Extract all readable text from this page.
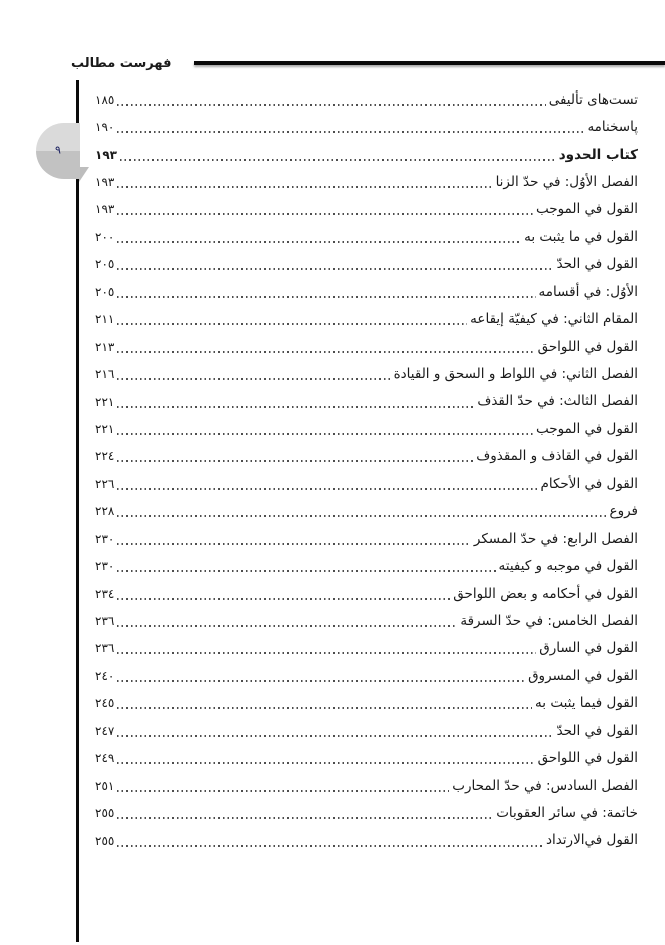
فهرست مطالب
٩
تست‌های تألیفی
١٨٥
پاسخنامه
١٩٠
كتاب الحدود
١٩٣
الفصل الأوُل: في حدّ الزنا
١٩٣
القول في الموجب
١٩٣
القول في ما يثبت به
٢٠٠
القول في الحدّ
٢٠٥
الأوُل: في أقسامه
٢٠٥
المقام الثاني: في كيفيّة إيقاعه
٢١١
القول في اللواحق
٢١٣
الفصل الثاني: في اللواط و السحق و القيادة
٢١٦
الفصل الثالث: في حدّ القذف
٢٢١
القول في الموجب
٢٢١
القول في القاذف و المقذوف
٢٢٤
القول في الأحكام
٢٢٦
فروع
٢٢٨
الفصل الرابع: في حدّ المسكر
٢٣٠
القول في موجبه و كيفيته
٢٣٠
القول في أحكامه و بعض اللواحق
٢٣٤
الفصل الخامس: في حدّ السرقة
٢٣٦
القول في السارق
٢٣٦
القول في المسروق
٢٤٠
القول فيما يثبت به
٢٤٥
القول في الحدّ
٢٤٧
القول في اللواحق
٢٤٩
الفصل السادس: في حدّ المحارب
٢٥١
خاتمة: في سائر العقوبات
٢٥٥
القول في‌الارتداد
٢٥٥
